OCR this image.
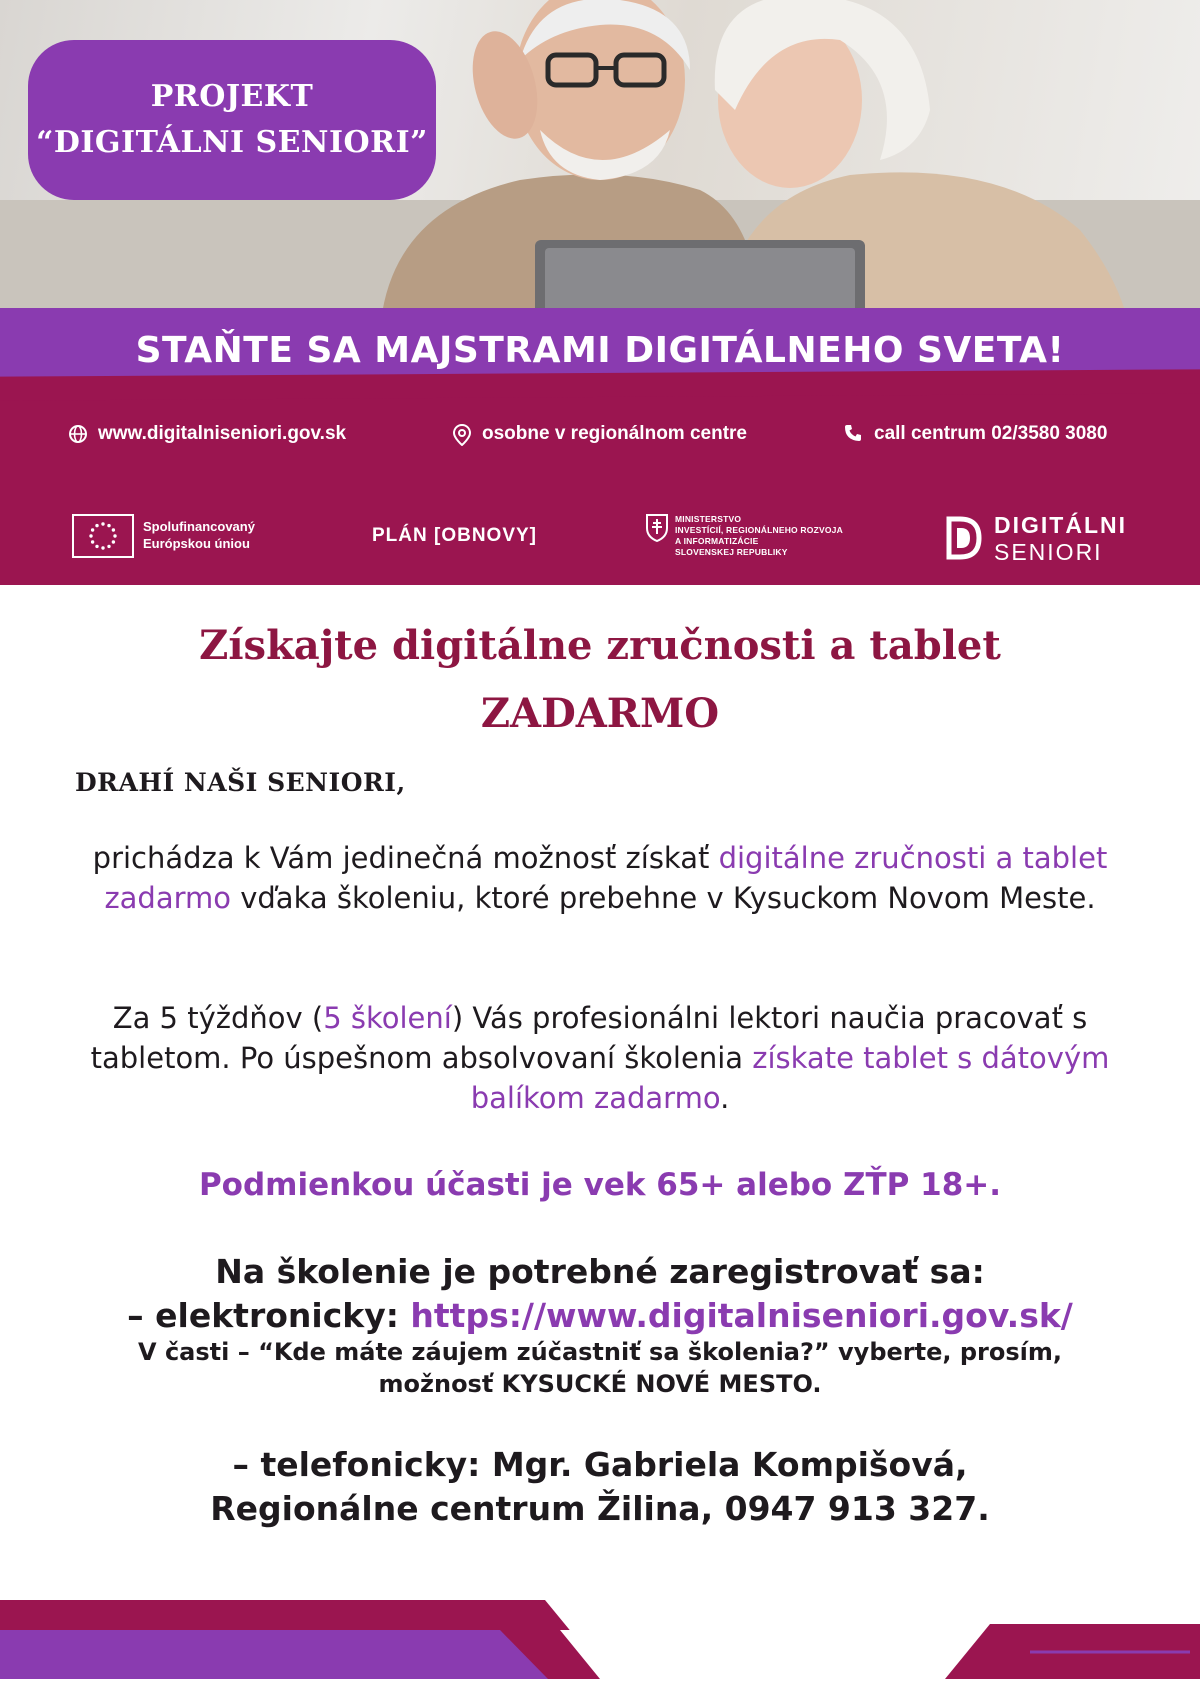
PROJEKT
“DIGITÁLNI SENIORI”
STAŇTE SA MAJSTRAMI DIGITÁLNEHO SVETA!
www.digitalniseniori.gov.sk	osobne v regionálnom centre	call centrum 02/3580 3080
Spolufinancovaný
Európskou úniou	PLÁN [OBNOVY]
MINISTERSTVO
INVESTÍCIÍ, REGIONÁLNEHO ROZVOJA
A INFORMATIZÁCIE
SLOVENSKEJ REPUBLIKY
DIGITÁLNI
SENIORI
Získajte digitálne zručnosti a tablet
ZADARMO
DRAHÍ NAŠI SENIORI,
prichádza k Vám jedinečná možnosť získať digitálne zručnosti a tablet zadarmo vďaka školeniu, ktoré prebehne v Kysuckom Novom Meste.
Za 5 týždňov (5 školení) Vás profesionálni lektori naučia pracovať s tabletom. Po úspešnom absolvovaní školenia získate tablet s dátovým balíkom zadarmo.
Podmienkou účasti je vek 65+ alebo ZŤP 18+.
Na školenie je potrebné zaregistrovať sa:
– elektronicky: https://www.digitalniseniori.gov.sk/
V časti – “Kde máte záujem zúčastniť sa školenia?” vyberte, prosím,
možnosť KYSUCKÉ NOVÉ MESTO.
– telefonicky: Mgr. Gabriela Kompišová,
Regionálne centrum Žilina, 0947 913 327.
